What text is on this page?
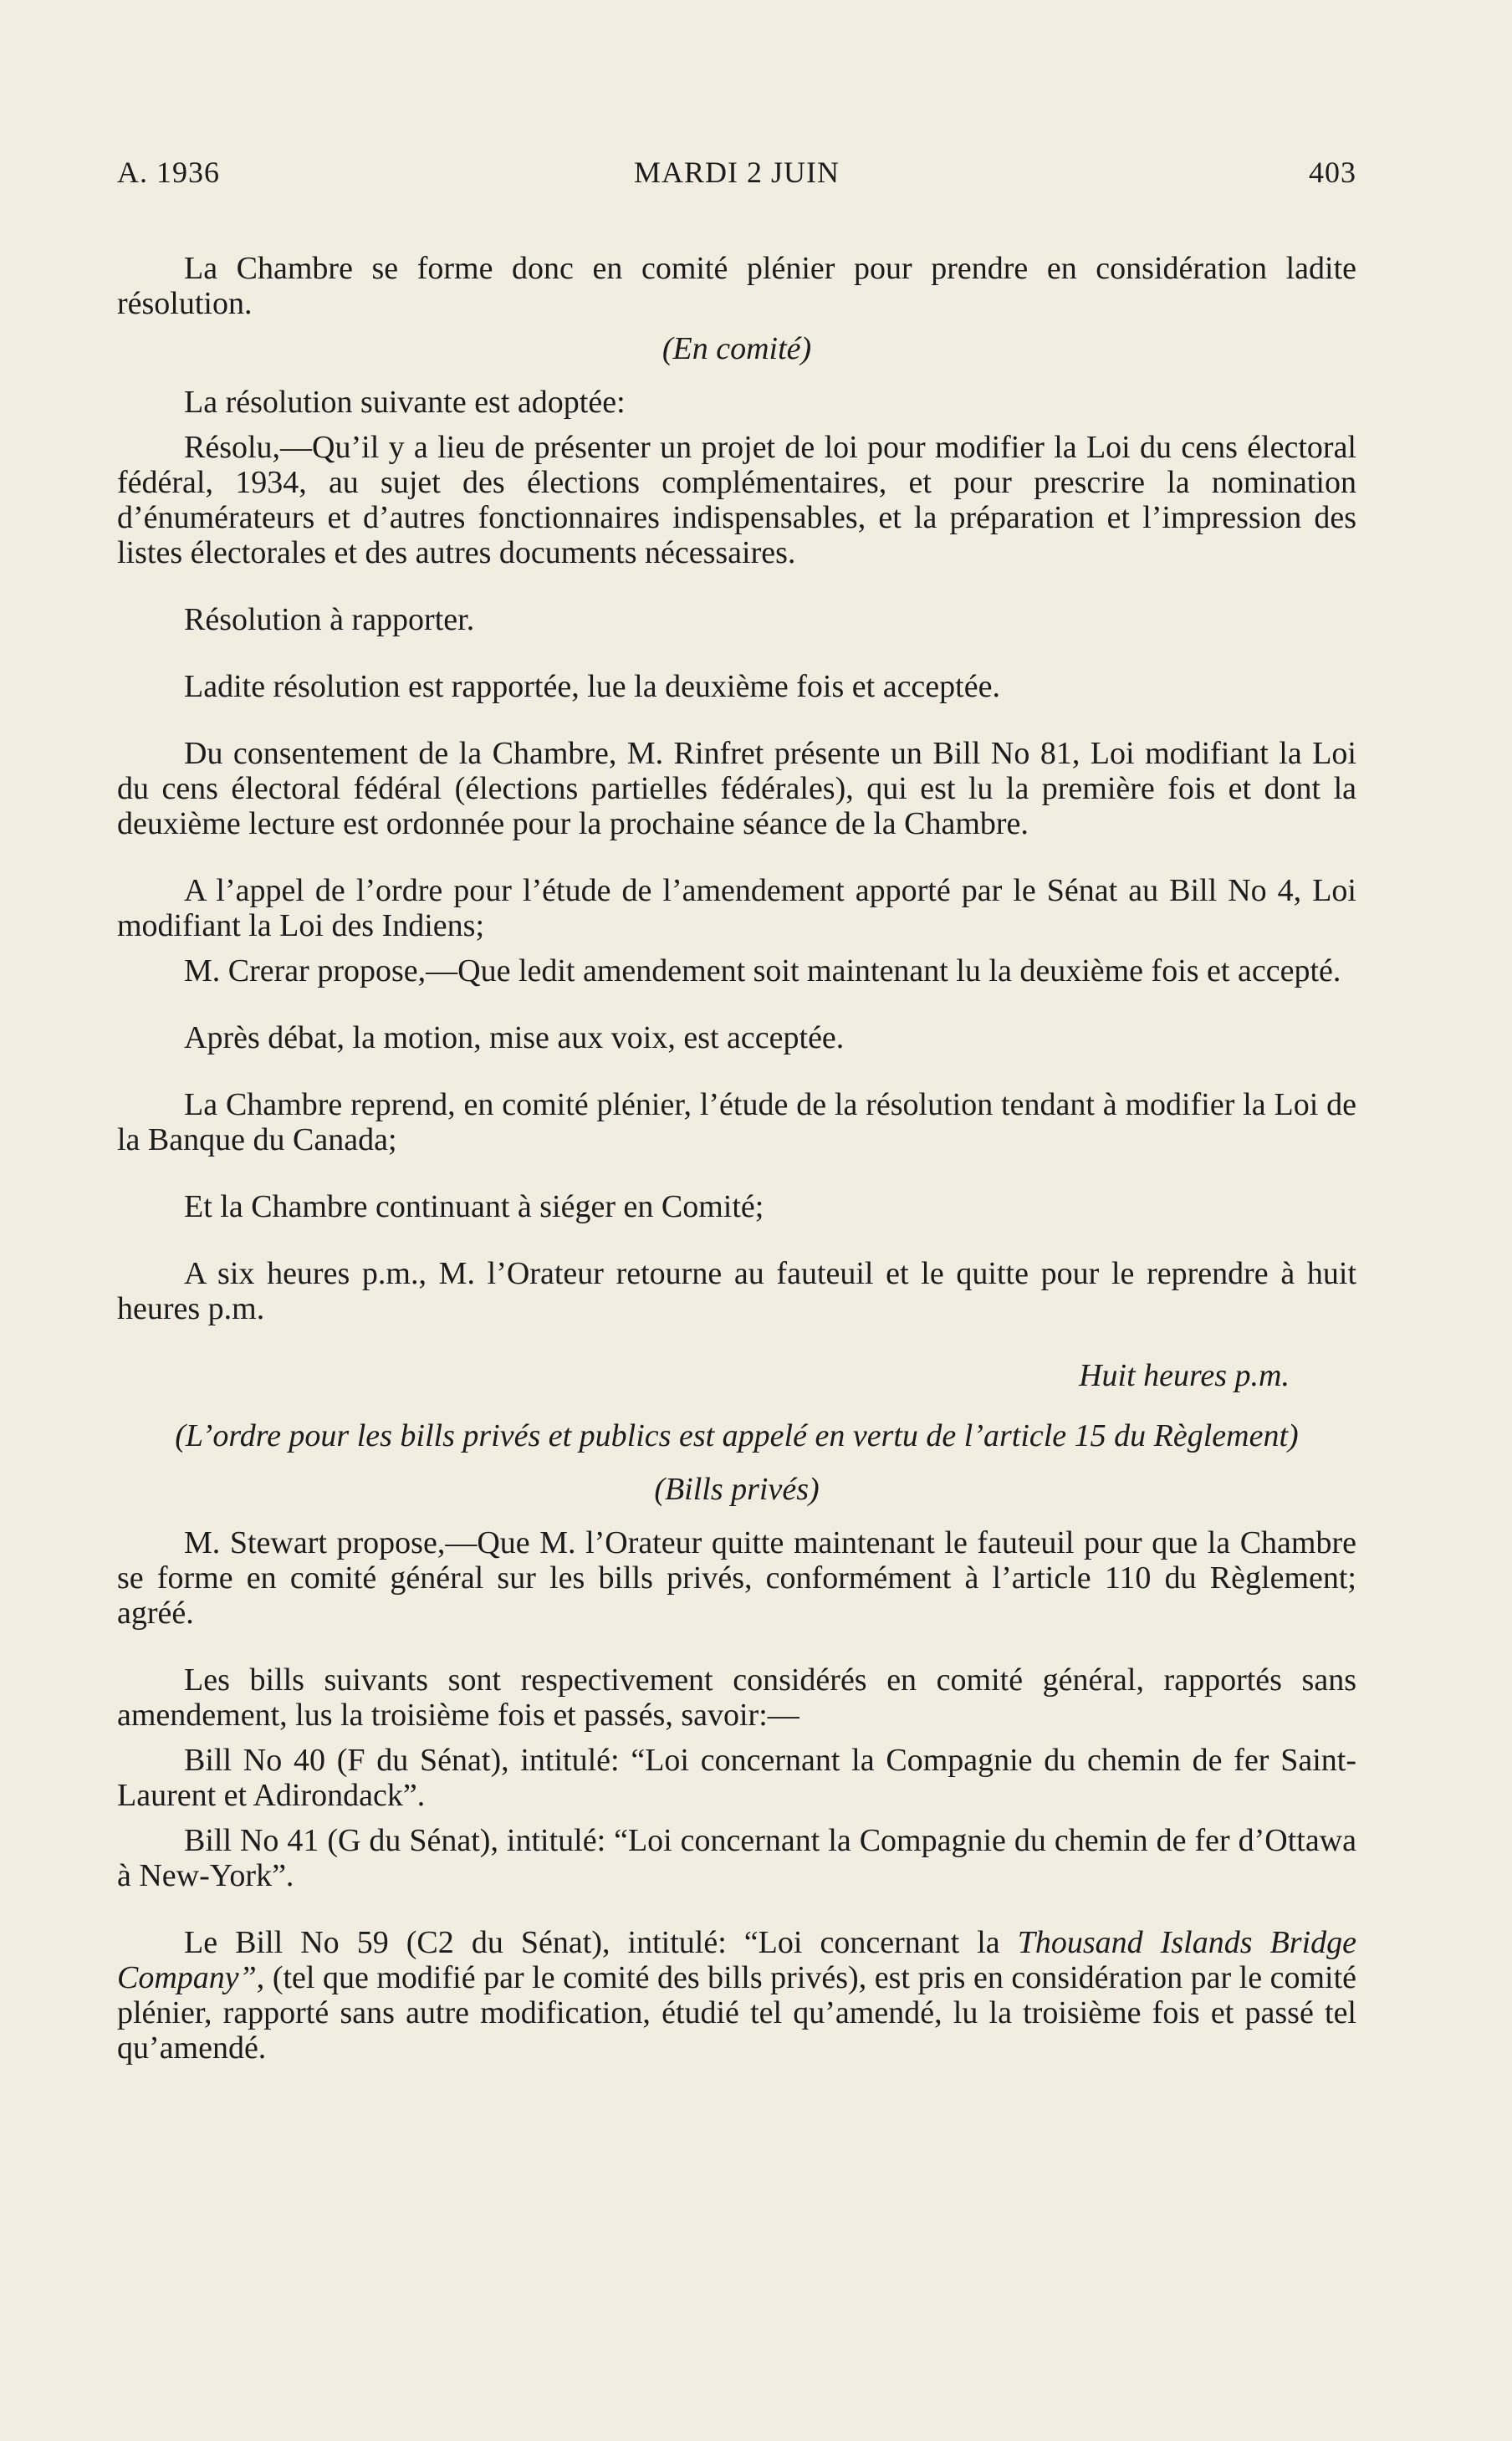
A. 1936	MARDI 2 JUIN	403

La Chambre se forme donc en comité plénier pour prendre en considération ladite résolution.

(En comité)

La résolution suivante est adoptée:

Résolu,—Qu’il y a lieu de présenter un projet de loi pour modifier la Loi du cens électoral fédéral, 1934, au sujet des élections complémentaires, et pour prescrire la nomination d’énumérateurs et d’autres fonctionnaires indispensables, et la préparation et l’impression des listes électorales et des autres documents nécessaires.

Résolution à rapporter.

Ladite résolution est rapportée, lue la deuxième fois et acceptée.

Du consentement de la Chambre, M. Rinfret présente un Bill No 81, Loi modifiant la Loi du cens électoral fédéral (élections partielles fédérales), qui est lu la première fois et dont la deuxième lecture est ordonnée pour la prochaine séance de la Chambre.

A l’appel de l’ordre pour l’étude de l’amendement apporté par le Sénat au Bill No 4, Loi modifiant la Loi des Indiens;

M. Crerar propose,—Que ledit amendement soit maintenant lu la deuxième fois et accepté.

Après débat, la motion, mise aux voix, est acceptée.

La Chambre reprend, en comité plénier, l’étude de la résolution tendant à modifier la Loi de la Banque du Canada;

Et la Chambre continuant à siéger en Comité;

A six heures p.m., M. l’Orateur retourne au fauteuil et le quitte pour le reprendre à huit heures p.m.

Huit heures p.m.

(L’ordre pour les bills privés et publics est appelé en vertu de l’article 15 du Règlement)

(Bills privés)

M. Stewart propose,—Que M. l’Orateur quitte maintenant le fauteuil pour que la Chambre se forme en comité général sur les bills privés, conformément à l’article 110 du Règlement; agréé.

Les bills suivants sont respectivement considérés en comité général, rapportés sans amendement, lus la troisième fois et passés, savoir:—

Bill No 40 (F du Sénat), intitulé: “Loi concernant la Compagnie du chemin de fer Saint-Laurent et Adirondack”.

Bill No 41 (G du Sénat), intitulé: “Loi concernant la Compagnie du chemin de fer d’Ottawa à New-York”.

Le Bill No 59 (C2 du Sénat), intitulé: “Loi concernant la Thousand Islands Bridge Company”, (tel que modifié par le comité des bills privés), est pris en considération par le comité plénier, rapporté sans autre modification, étudié tel qu’amendé, lu la troisième fois et passé tel qu’amendé.
